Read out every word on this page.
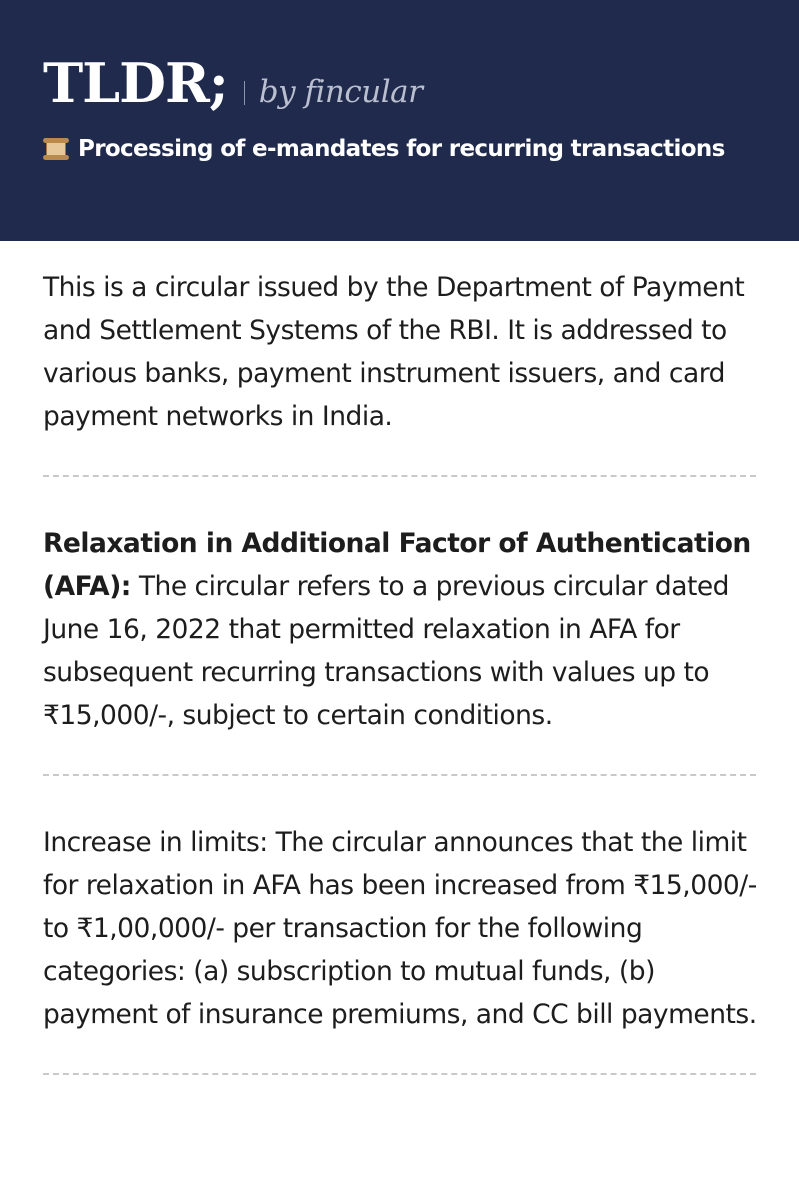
TLDR; by fincular
Processing of e-mandates for recurring transactions

This is a circular issued by the Department of Payment and Settlement Systems of the RBI. It is addressed to various banks, payment instrument issuers, and card payment networks in India.

Relaxation in Additional Factor of Authentication (AFA): The circular refers to a previous circular dated June 16, 2022 that permitted relaxation in AFA for subsequent recurring transactions with values up to ₹15,000/-, subject to certain conditions.

Increase in limits: The circular announces that the limit for relaxation in AFA has been increased from ₹15,000/- to ₹1,00,000/- per transaction for the following categories: (a) subscription to mutual funds, (b) payment of insurance premiums, and CC bill payments.
